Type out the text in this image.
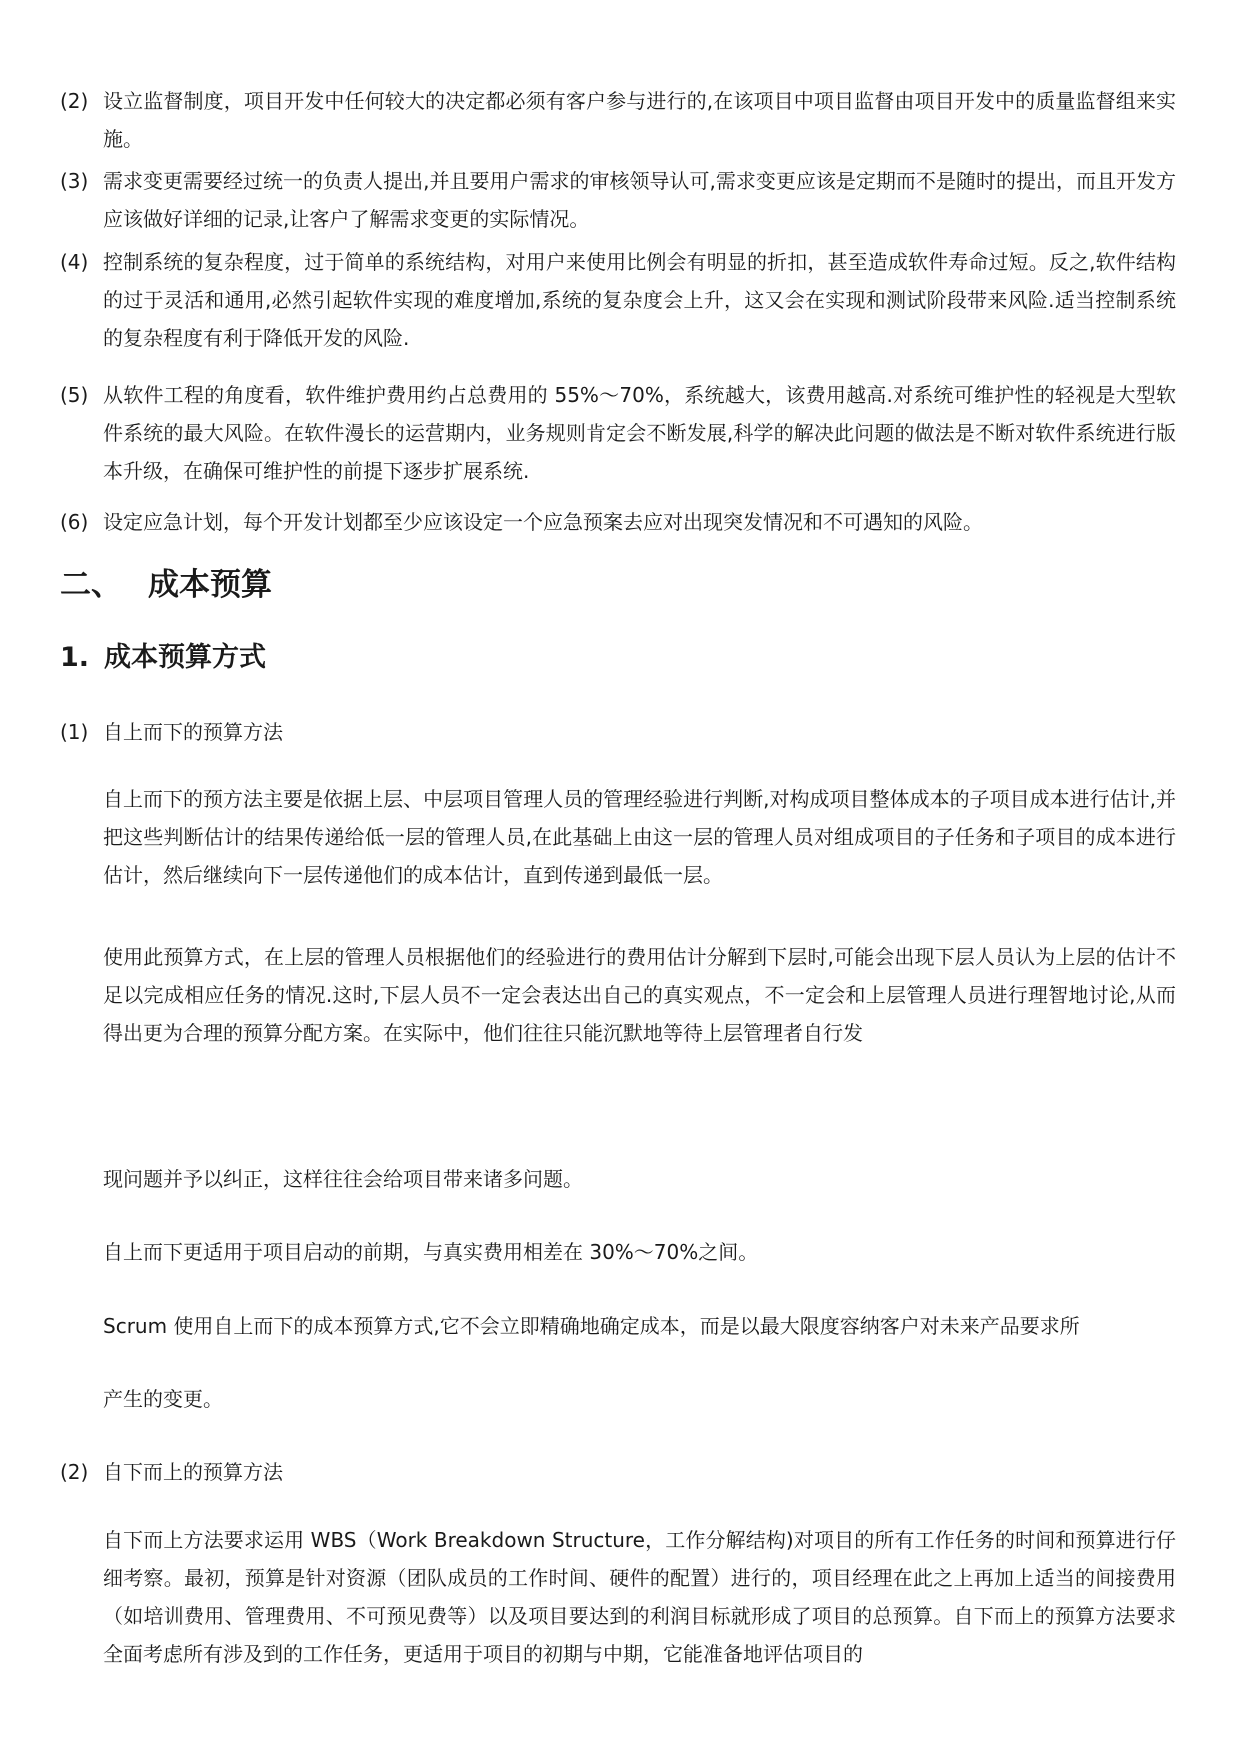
(2) 设立监督制度，项目开发中任何较大的决定都必须有客户参与进行的,在该项目中项目监督由项目开发中的质量监督组来实施。
(3) 需求变更需要经过统一的负责人提出,并且要用户需求的审核领导认可,需求变更应该是定期而不是随时的提出，而且开发方应该做好详细的记录,让客户了解需求变更的实际情况。
(4) 控制系统的复杂程度，过于简单的系统结构，对用户来使用比例会有明显的折扣，甚至造成软件寿命过短。反之,软件结构的过于灵活和通用,必然引起软件实现的难度增加,系统的复杂度会上升，这又会在实现和测试阶段带来风险.适当控制系统的复杂程度有利于降低开发的风险.
(5) 从软件工程的角度看，软件维护费用约占总费用的 55%～70%，系统越大，该费用越高.对系统可维护性的轻视是大型软件系统的最大风险。在软件漫长的运营期内，业务规则肯定会不断发展,科学的解决此问题的做法是不断对软件系统进行版本升级，在确保可维护性的前提下逐步扩展系统.
(6) 设定应急计划，每个开发计划都至少应该设定一个应急预案去应对出现突发情况和不可遇知的风险。
二、 成本预算
1. 成本预算方式
(1) 自上而下的预算方法
自上而下的预方法主要是依据上层、中层项目管理人员的管理经验进行判断,对构成项目整体成本的子项目成本进行估计,并把这些判断估计的结果传递给低一层的管理人员,在此基础上由这一层的管理人员对组成项目的子任务和子项目的成本进行估计，然后继续向下一层传递他们的成本估计，直到传递到最低一层。
使用此预算方式，在上层的管理人员根据他们的经验进行的费用估计分解到下层时,可能会出现下层人员认为上层的估计不足以完成相应任务的情况.这时,下层人员不一定会表达出自己的真实观点，不一定会和上层管理人员进行理智地讨论,从而得出更为合理的预算分配方案。在实际中，他们往往只能沉默地等待上层管理者自行发
现问题并予以纠正，这样往往会给项目带来诸多问题。
自上而下更适用于项目启动的前期，与真实费用相差在 30%～70%之间。
Scrum 使用自上而下的成本预算方式,它不会立即精确地确定成本，而是以最大限度容纳客户对未来产品要求所
产生的变更。
(2) 自下而上的预算方法
自下而上方法要求运用 WBS（Work Breakdown Structure，工作分解结构)对项目的所有工作任务的时间和预算进行仔细考察。最初，预算是针对资源（团队成员的工作时间、硬件的配置）进行的，项目经理在此之上再加上适当的间接费用（如培训费用、管理费用、不可预见费等）以及项目要达到的利润目标就形成了项目的总预算。自下而上的预算方法要求全面考虑所有涉及到的工作任务，更适用于项目的初期与中期，它能准备地评估项目的
